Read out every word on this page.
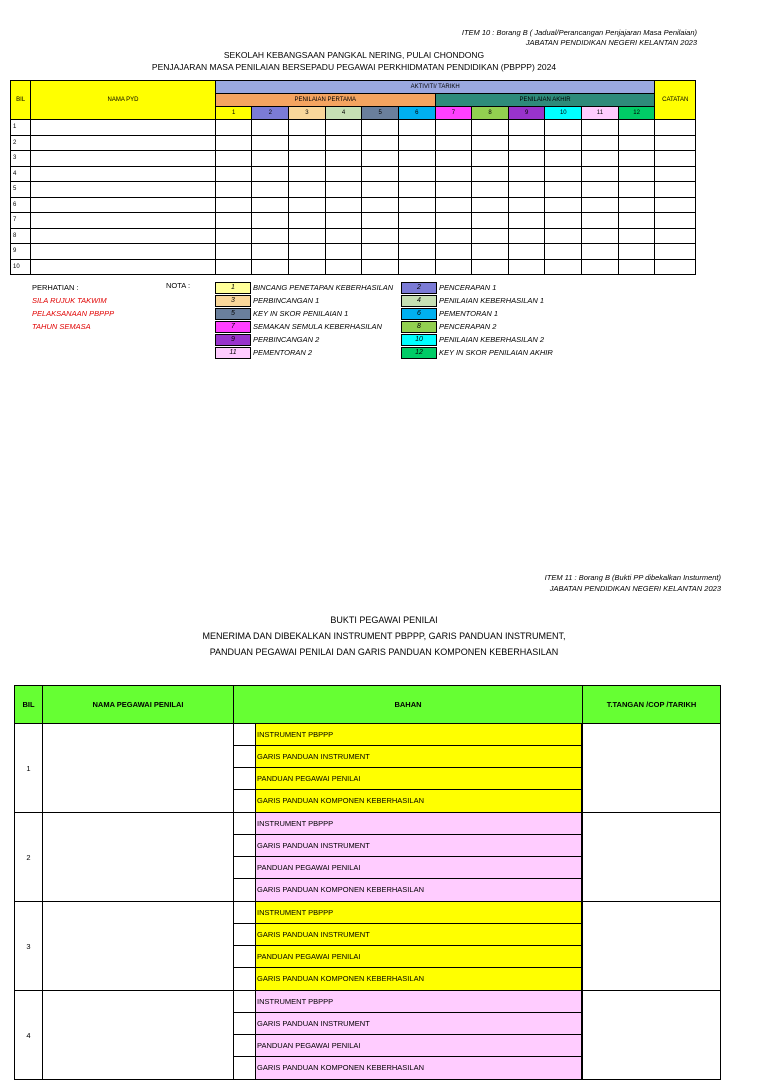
ITEM 10 : Borang B ( Jadual/Perancangan Penjajaran Masa Penilaian)
JABATAN PENDIDIKAN NEGERI KELANTAN 2023
SEKOLAH KEBANGSAAN PANGKAL NERING, PULAI CHONDONG
PENJAJARAN MASA PENILAIAN BERSEPADU PEGAWAI PERKHIDMATAN PENDIDIKAN (PBPPP) 2024
BIL	NAMA PYD	AKTIVITI/ TARIKH												CATATAN
		PENILAIAN PERTAMA						PENILAIAN AKHIR						
		1	2	3	4	5	6	7	8	9	10	11	12	
1														
2														
3														
4														
5														
6														
7														
8														
9														
10														
PERHATIAN :
SILA RUJUK TAKWIM
PELAKSANAAN PBPPP
TAHUN SEMASA
NOTA :	1	BINCANG PENETAPAN KEBERHASILAN
3	PERBINCANGAN 1
5	KEY IN SKOR PENILAIAN 1
7	SEMAKAN SEMULA KEBERHASILAN
9	PERBINCANGAN 2
11	PEMENTORAN 2
2	PENCERAPAN 1
4	PENILAIAN KEBERHASILAN 1
6	PEMENTORAN 1
8	PENCERAPAN 2
10	PENILAIAN KEBERHASILAN 2
12	KEY IN SKOR PENILAIAN AKHIR
ITEM 11 : Borang B (Bukti PP dibekalkan Insturment)
JABATAN PENDIDIKAN NEGERI KELANTAN 2023
BUKTI PEGAWAI PENILAI
MENERIMA DAN DIBEKALKAN INSTRUMENT PBPPP, GARIS PANDUAN INSTRUMENT,
PANDUAN PEGAWAI PENILAI DAN GARIS PANDUAN KOMPONEN KEBERHASILAN
BIL	NAMA PEGAWAI PENILAI	BAHAN	T.TANGAN /COP /TARIKH
1		INSTRUMENT PBPPP
GARIS PANDUAN INSTRUMENT
PANDUAN PEGAWAI PENILAI
GARIS PANDUAN KOMPONEN KEBERHASILAN	

2		INSTRUMENT PBPPP
GARIS PANDUAN INSTRUMENT
PANDUAN PEGAWAI PENILAI
GARIS PANDUAN KOMPONEN KEBERHASILAN	

3		INSTRUMENT PBPPP
GARIS PANDUAN INSTRUMENT
PANDUAN PEGAWAI PENILAI
GARIS PANDUAN KOMPONEN KEBERHASILAN	

4		INSTRUMENT PBPPP
GARIS PANDUAN INSTRUMENT
PANDUAN PEGAWAI PENILAI
GARIS PANDUAN KOMPONEN KEBERHASILAN	
